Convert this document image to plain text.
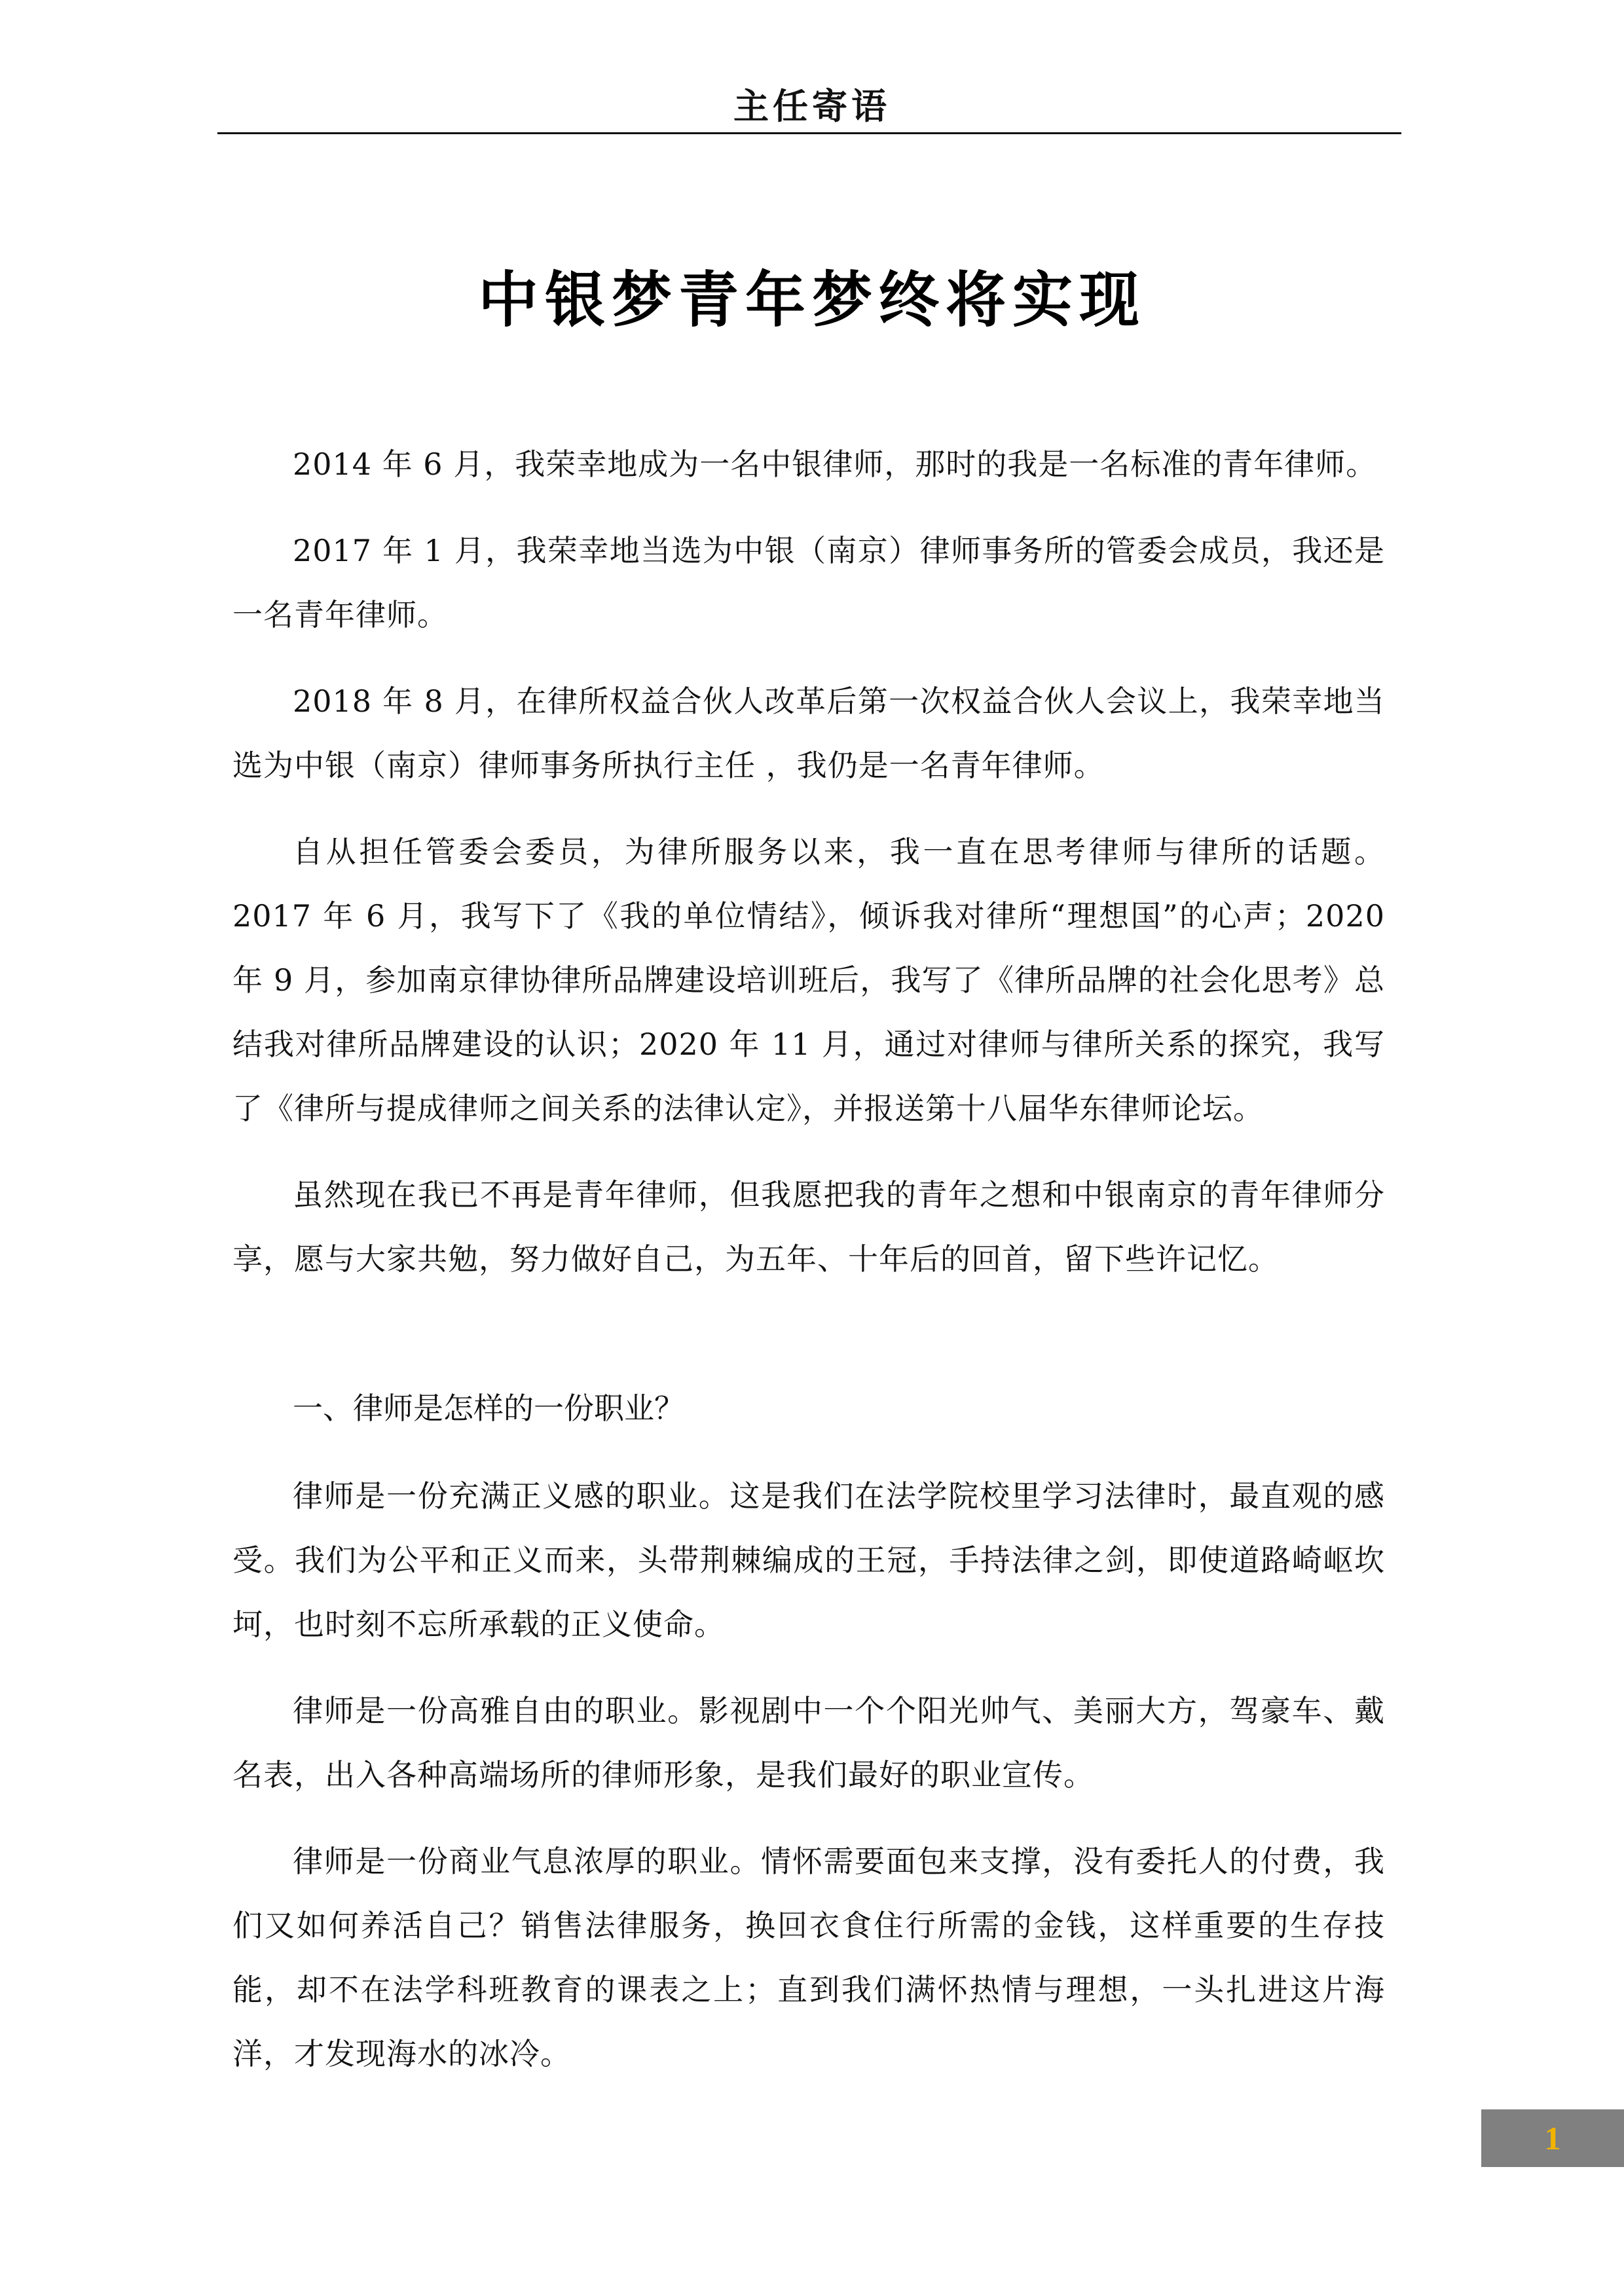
主任寄语
中银梦青年梦终将实现

2014 年 6 月，我荣幸地成为一名中银律师，那时的我是一名标准的青年律师。

2017 年 1 月，我荣幸地当选为中银（南京）律师事务所的管委会成员，我还是一名青年律师。

2018 年 8 月，在律所权益合伙人改革后第一次权益合伙人会议上，我荣幸地当选为中银（南京）律师事务所执行主任 ，我仍是一名青年律师。

自从担任管委会委员，为律所服务以来，我一直在思考律师与律所的话题。2017 年 6 月，我写下了《我的单位情结》，倾诉我对律所“理想国”的心声；2020 年 9 月，参加南京律协律所品牌建设培训班后，我写了《律所品牌的社会化思考》总结我对律所品牌建设的认识；2020 年 11 月，通过对律师与律所关系的探究，我写了《律所与提成律师之间关系的法律认定》，并报送第十八届华东律师论坛。

虽然现在我已不再是青年律师，但我愿把我的青年之想和中银南京的青年律师分享，愿与大家共勉，努力做好自己，为五年、十年后的回首，留下些许记忆。

一、律师是怎样的一份职业？

律师是一份充满正义感的职业。这是我们在法学院校里学习法律时，最直观的感受。我们为公平和正义而来，头带荆棘编成的王冠，手持法律之剑，即使道路崎岖坎坷，也时刻不忘所承载的正义使命。

律师是一份高雅自由的职业。影视剧中一个个阳光帅气、美丽大方，驾豪车、戴名表，出入各种高端场所的律师形象，是我们最好的职业宣传。

律师是一份商业气息浓厚的职业。情怀需要面包来支撑，没有委托人的付费，我们又如何养活自己？销售法律服务，换回衣食住行所需的金钱，这样重要的生存技能，却不在法学科班教育的课表之上；直到我们满怀热情与理想，一头扎进这片海洋，才发现海水的冰冷。

1
